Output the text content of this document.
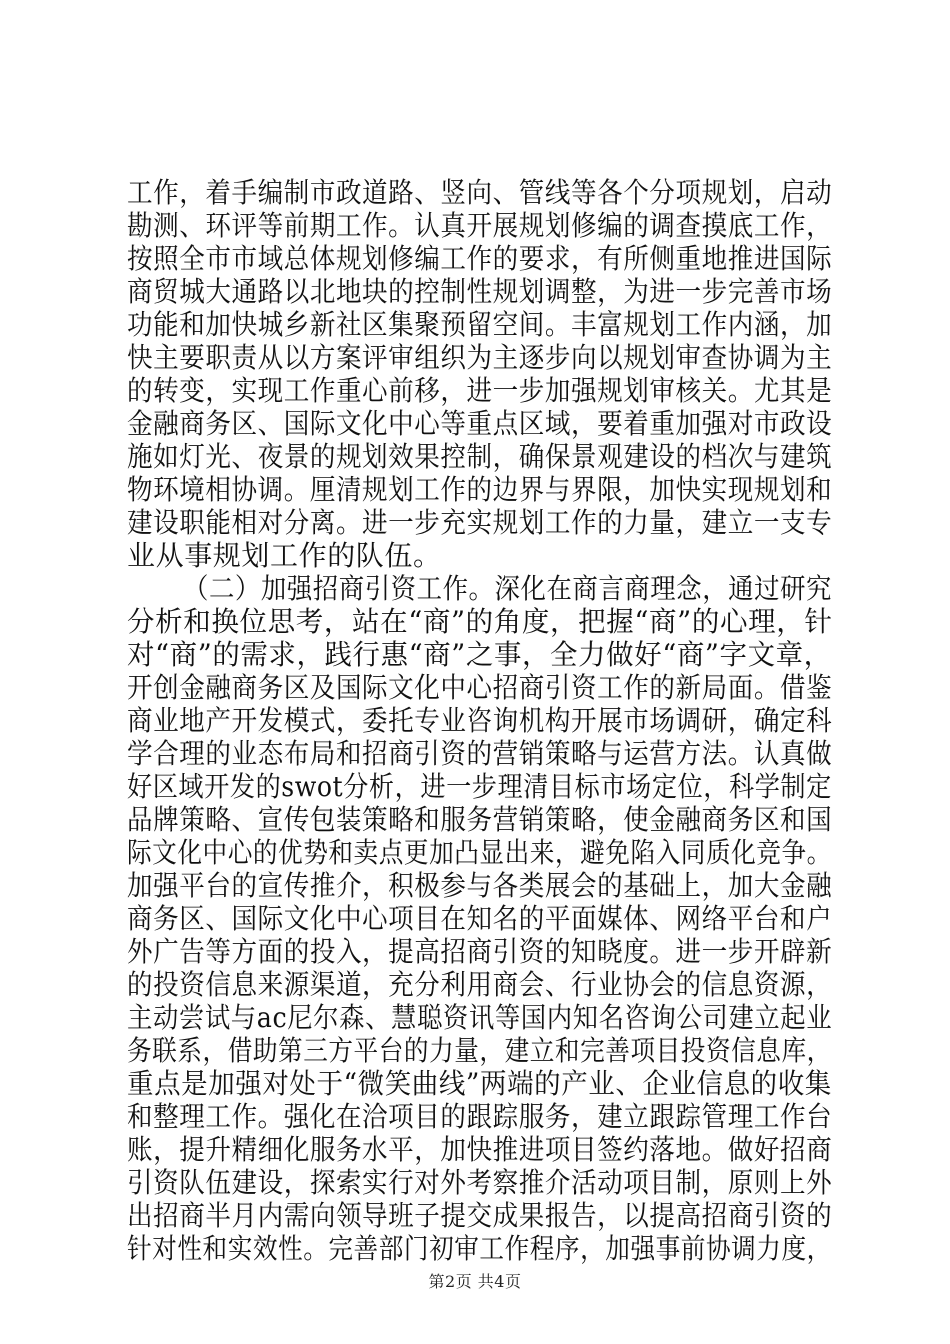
工作，着手编制市政道路、竖向、管线等各个分项规划，启动
勘测、环评等前期工作。认真开展规划修编的调查摸底工作，
按照全市市域总体规划修编工作的要求，有所侧重地推进国际
商贸城大通路以北地块的控制性规划调整，为进一步完善市场
功能和加快城乡新社区集聚预留空间。丰富规划工作内涵，加
快主要职责从以方案评审组织为主逐步向以规划审查协调为主
的转变，实现工作重心前移，进一步加强规划审核关。尤其是
金融商务区、国际文化中心等重点区域，要着重加强对市政设
施如灯光、夜景的规划效果控制，确保景观建设的档次与建筑
物环境相协调。厘清规划工作的边界与界限，加快实现规划和
建设职能相对分离。进一步充实规划工作的力量，建立一支专
业从事规划工作的队伍。
（二）加强招商引资工作。深化在商言商理念，通过研究
分析和换位思考，站在“商”的角度，把握“商”的心理，针
对“商”的需求，践行惠“商”之事，全力做好“商”字文章，
开创金融商务区及国际文化中心招商引资工作的新局面。借鉴
商业地产开发模式，委托专业咨询机构开展市场调研，确定科
学合理的业态布局和招商引资的营销策略与运营方法。认真做
好区域开发的swot分析，进一步理清目标市场定位，科学制定
品牌策略、宣传包装策略和服务营销策略，使金融商务区和国
际文化中心的优势和卖点更加凸显出来，避免陷入同质化竞争。
加强平台的宣传推介，积极参与各类展会的基础上，加大金融
商务区、国际文化中心项目在知名的平面媒体、网络平台和户
外广告等方面的投入，提高招商引资的知晓度。进一步开辟新
的投资信息来源渠道，充分利用商会、行业协会的信息资源，
主动尝试与ac尼尔森、慧聪资讯等国内知名咨询公司建立起业
务联系，借助第三方平台的力量，建立和完善项目投资信息库，
重点是加强对处于“微笑曲线”两端的产业、企业信息的收集
和整理工作。强化在洽项目的跟踪服务，建立跟踪管理工作台
账，提升精细化服务水平，加快推进项目签约落地。做好招商
引资队伍建设，探索实行对外考察推介活动项目制，原则上外
出招商半月内需向领导班子提交成果报告，以提高招商引资的
针对性和实效性。完善部门初审工作程序，加强事前协调力度，
第2页 共4页
